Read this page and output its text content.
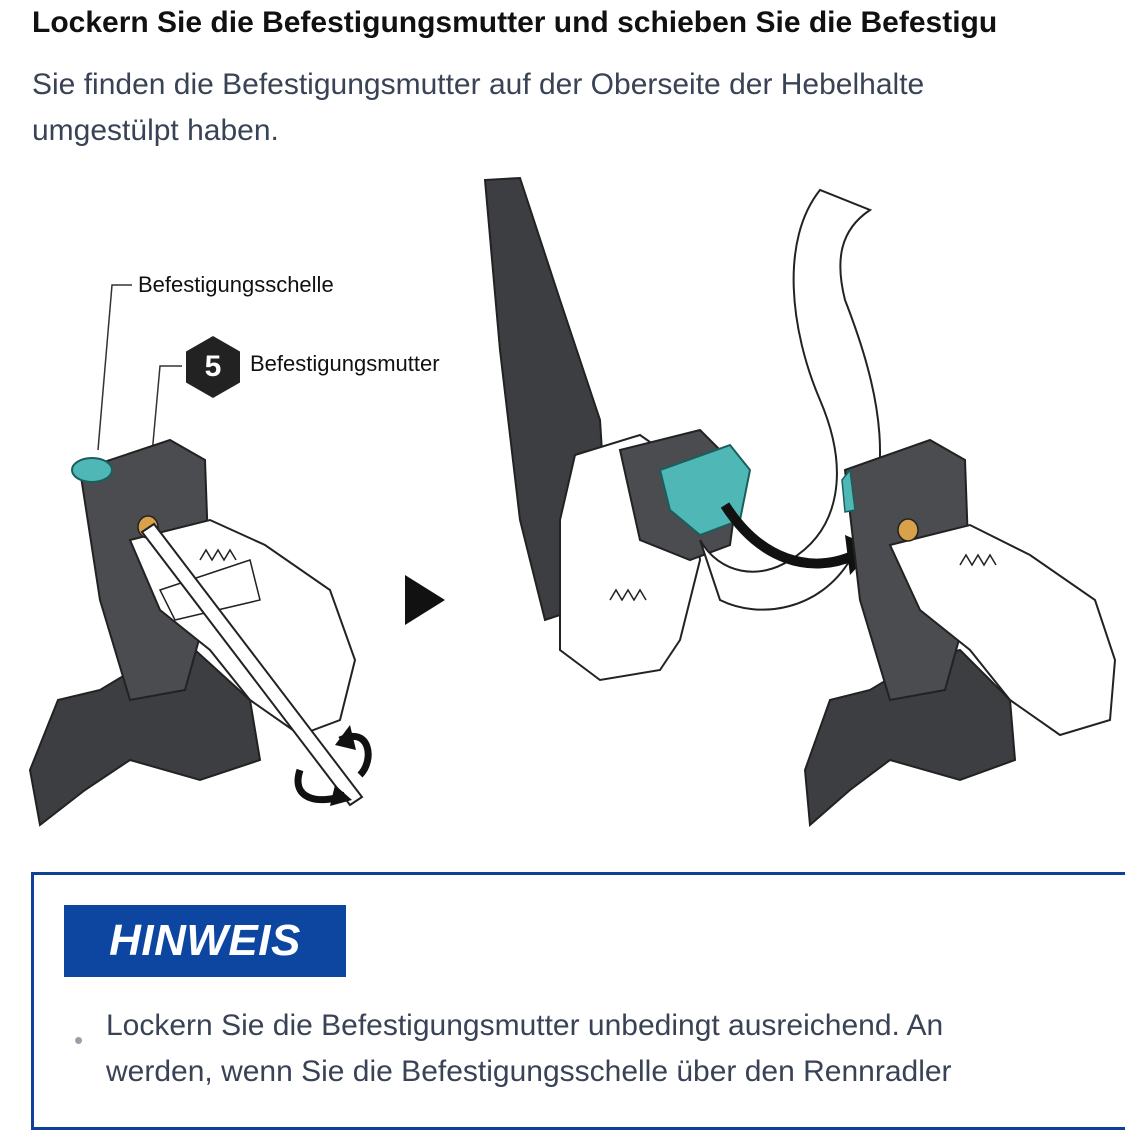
Lockern Sie die Befestigungsmutter und schieben Sie die Befestigu
Sie finden die Befestigungsmutter auf der Oberseite der Hebelhalte
umgestülpt haben.
Befestigungsschelle
5	Befestigungsmutter
HINWEIS
• Lockern Sie die Befestigungsmutter unbedingt ausreichend. An
werden, wenn Sie die Befestigungsschelle über den Rennradler
